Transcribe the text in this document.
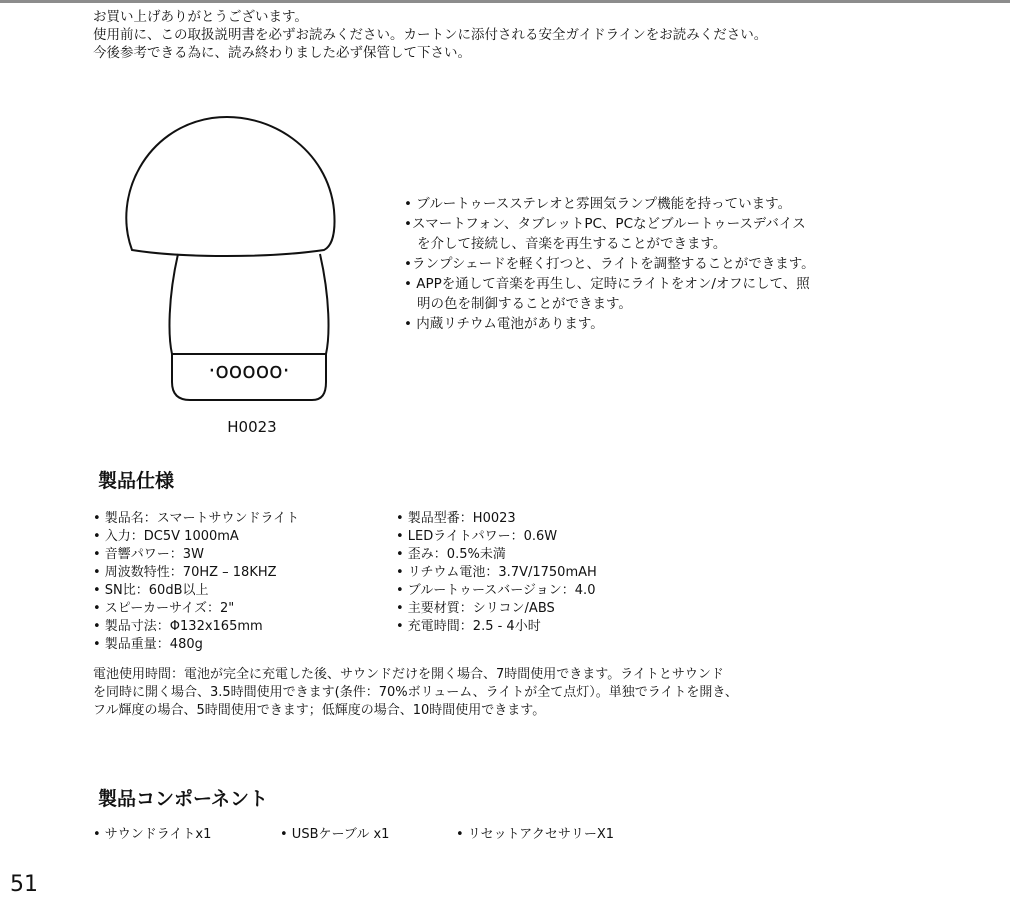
お買い上げありがとうございます。
使用前に、この取扱説明書を必ずお読みください。カートンに添付される安全ガイドラインをお読みください。
今後参考できる為に、読み終わりました必ず保管して下さい。
·ooooo·
H0023
• ブルートゥースステレオと雰囲気ランプ機能を持っています。
•スマートフォン、タブレットPC、PCなどブルートゥースデバイス
を介して接続し、音楽を再生することができます。
•ランプシェードを軽く打つと、ライトを調整することができます。
• APPを通して音楽を再生し、定時にライトをオン/オフにして、照
明の色を制御することができます。
• 内蔵リチウム電池があります。
製品仕様
• 製品名：スマートサウンドライト
• 入力：DC5V 1000mA
• 音響パワー：3W
• 周波数特性：70HZ – 18KHZ
• SN比：60dB以上
• スピーカーサイズ：2"
• 製品寸法：Φ132x165mm
• 製品重量：480g
• 製品型番：H0023
• LEDライトパワー：0.6W
• 歪み：0.5%未満
• リチウム電池：3.7V/1750mAH
• ブルートゥースバージョン：4.0
• 主要材質：シリコン/ABS
• 充電時間：2.5 - 4小时
電池使用時間：電池が完全に充電した後、サウンドだけを開く場合、7時間使用できます。ライトとサウンド
を同時に開く場合、3.5時間使用できます(条件：70%ボリューム、ライトが全て点灯）。単独でライトを開き、
フル輝度の場合、5時間使用できます；低輝度の場合、10時間使用できます。
製品コンポーネント
• サウンドライトx1	• USBケーブル x1	• リセットアクセサリーX1
51
